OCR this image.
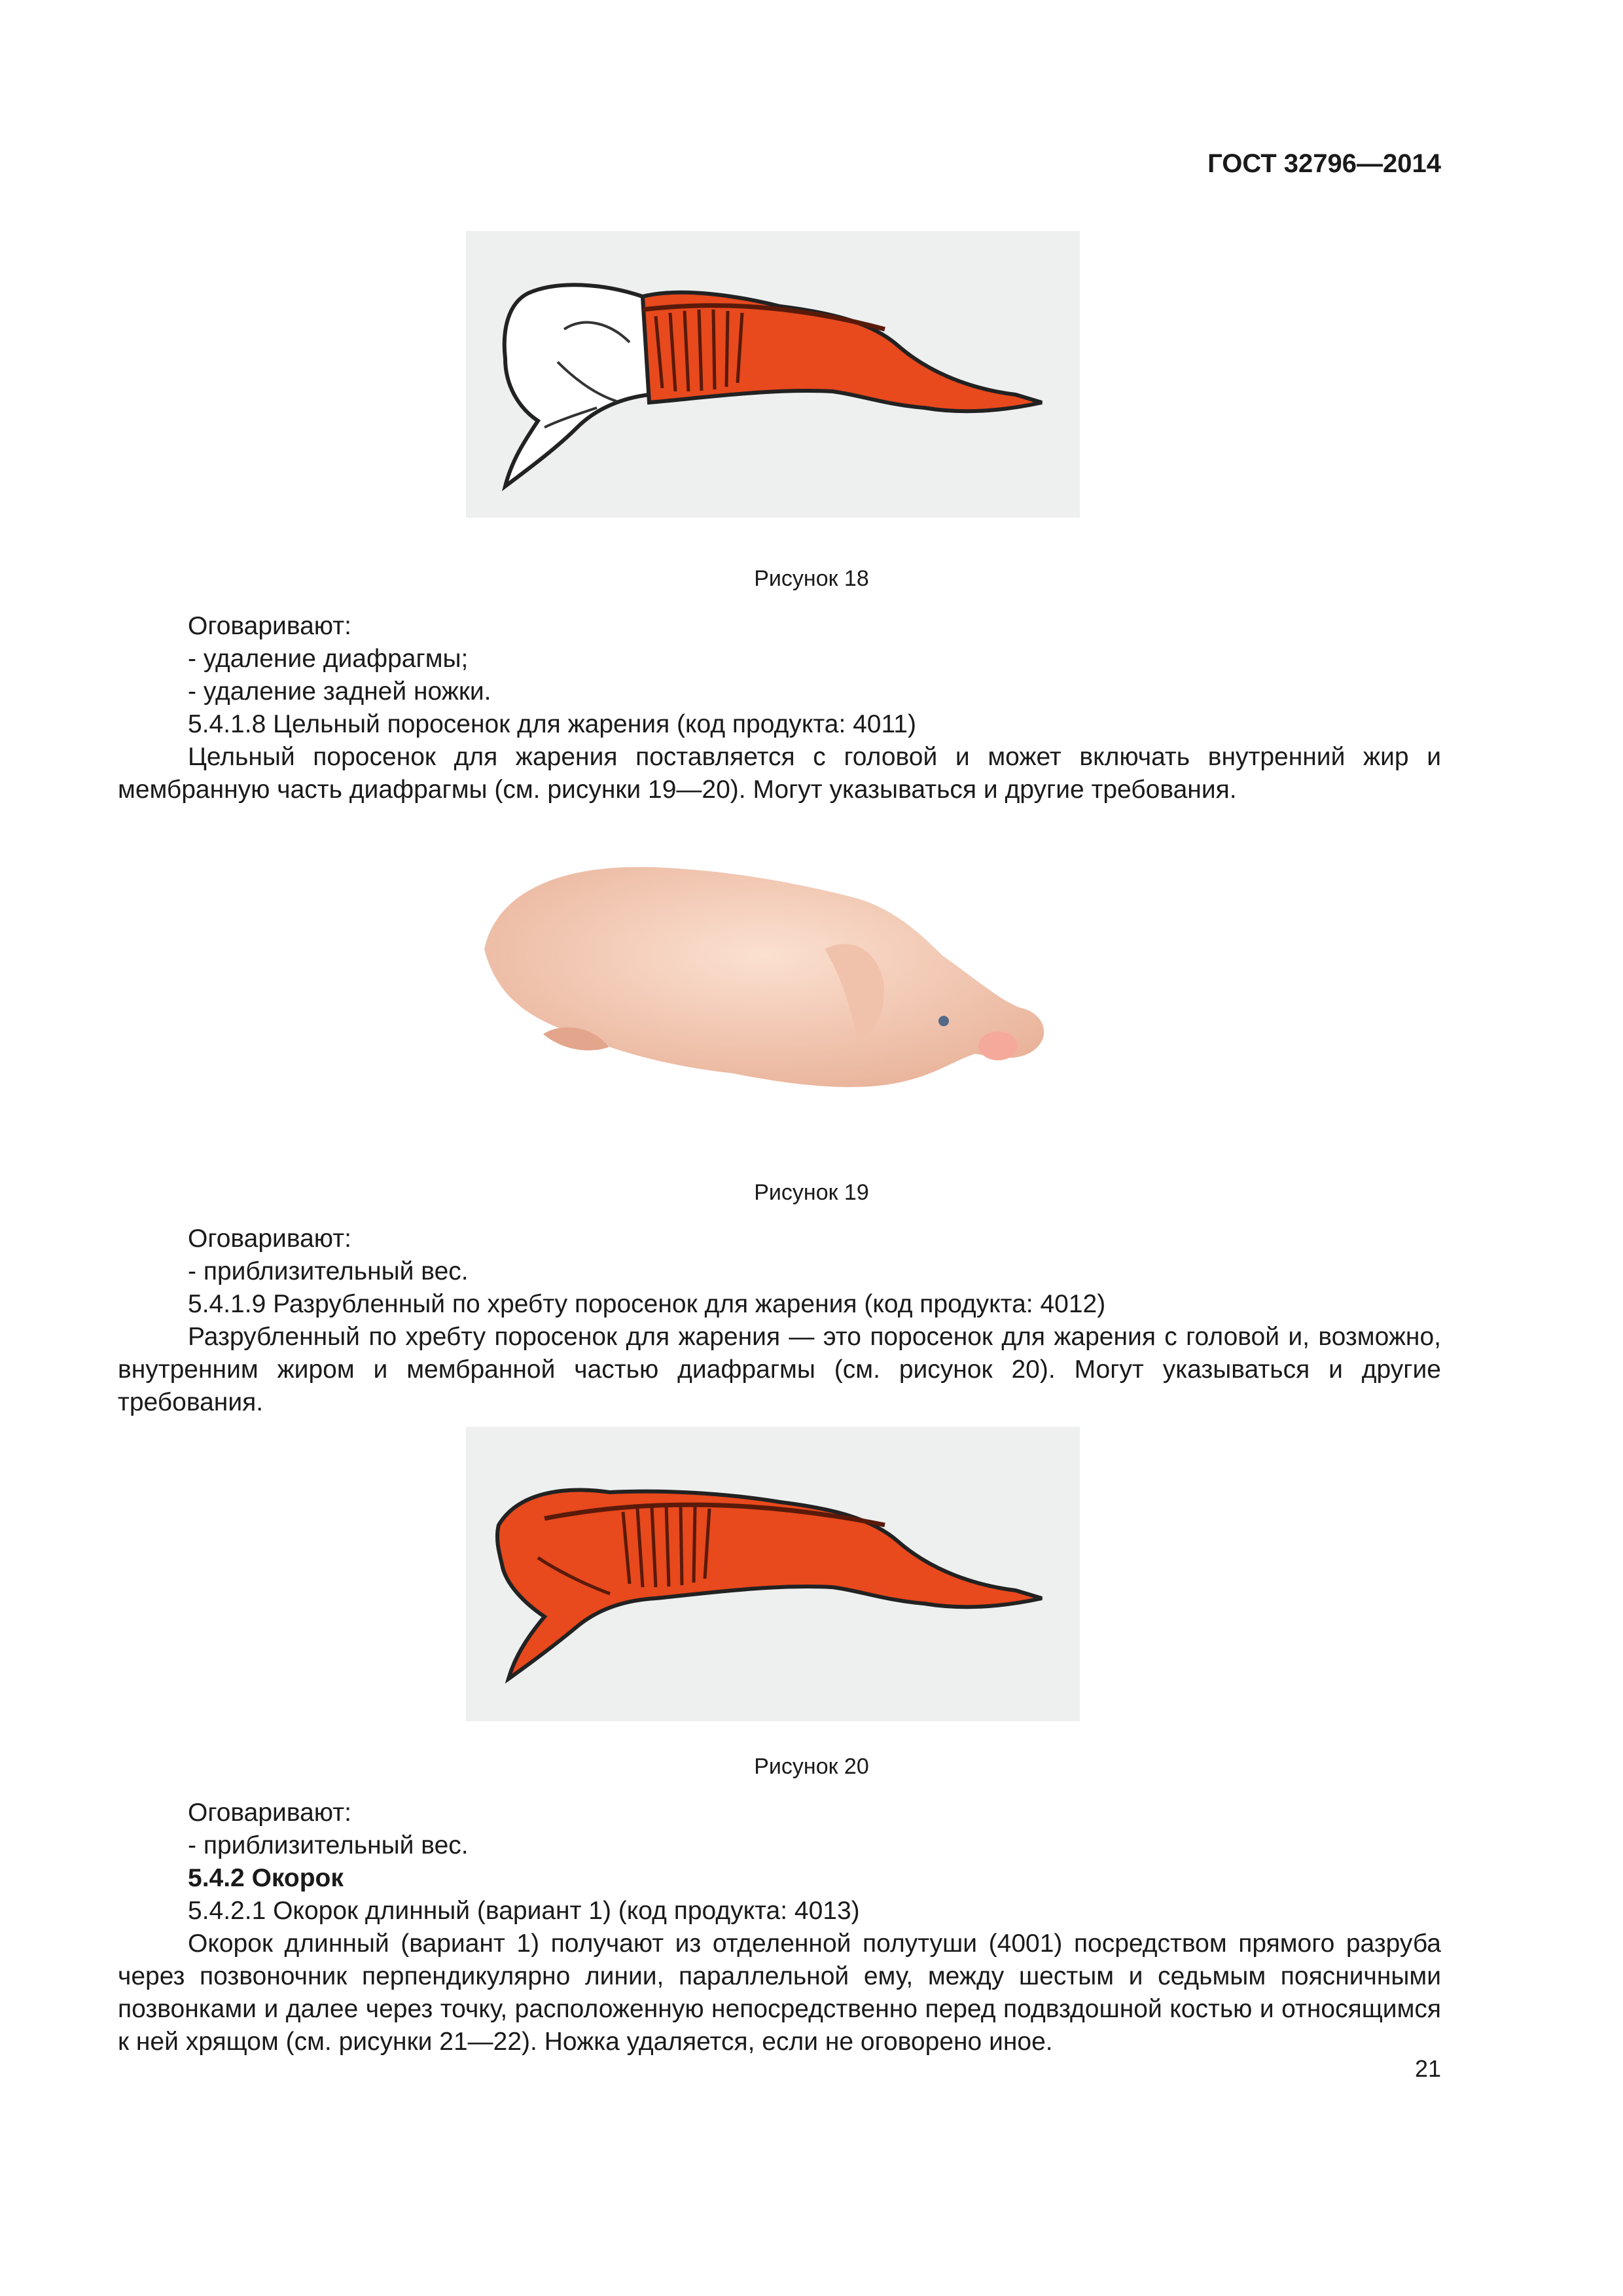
ГОСТ 32796—2014
Рисунок 18
Оговаривают:
- удаление диафрагмы;
- удаление задней ножки.
5.4.1.8 Цельный поросенок для жарения (код продукта: 4011)
Цельный поросенок для жарения поставляется с головой и может включать внутренний жир и мембранную часть диафрагмы (см. рисунки 19—20). Могут указываться и другие требования.
Рисунок 19
Оговаривают:
- приблизительный вес.
5.4.1.9 Разрубленный по хребту поросенок для жарения (код продукта: 4012)
Разрубленный по хребту поросенок для жарения — это поросенок для жарения с головой и, возможно, внутренним жиром и мембранной частью диафрагмы (см. рисунок 20). Могут указываться и другие требования.
Рисунок 20
Оговаривают:
- приблизительный вес.
5.4.2 Окорок
5.4.2.1 Окорок длинный (вариант 1) (код продукта: 4013)
Окорок длинный (вариант 1) получают из отделенной полутуши (4001) посредством прямого разруба через позвоночник перпендикулярно линии, параллельной ему, между шестым и седьмым поясничными позвонками и далее через точку, расположенную непосредственно перед подвздошной костью и относящимся к ней хрящом (см. рисунки 21—22). Ножка удаляется, если не оговорено иное.
21
